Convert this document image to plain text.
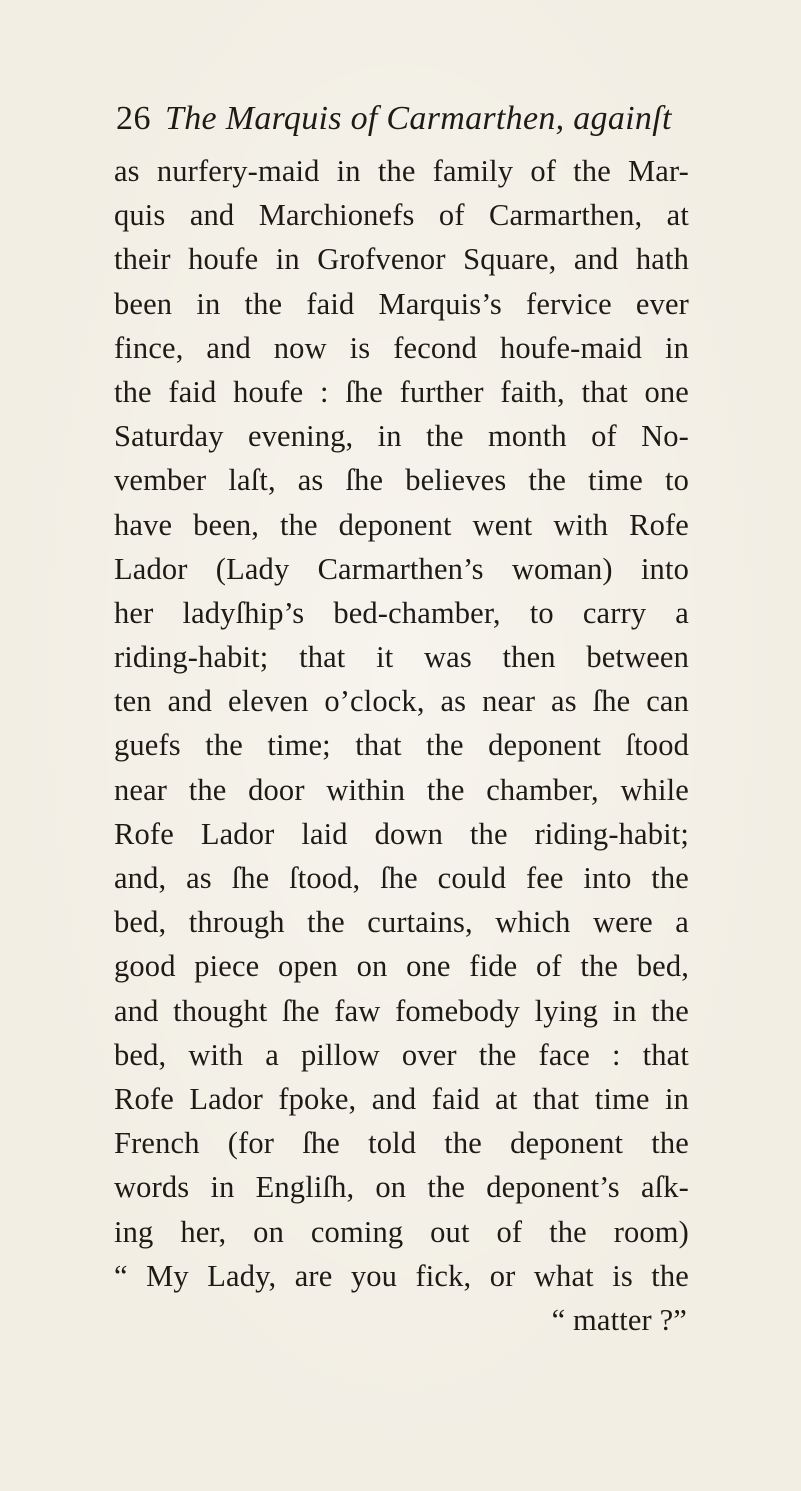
26 The Marquis of Carmarthen, againſt
as nurfery-maid in the family of the Mar-
quis and Marchionefs of Carmarthen, at
their houfe in Grofvenor Square, and hath
been in the faid Marquis’s fervice ever
fince, and now is fecond houfe-maid in
the faid houfe : ſhe further faith, that one
Saturday evening, in the month of No-
vember laſt, as ſhe believes the time to
have been, the deponent went with Rofe
Lador (Lady Carmarthen’s woman) into
her ladyſhip’s bed-chamber, to carry a
riding-habit; that it was then between
ten and eleven o’clock, as near as ſhe can
guefs the time; that the deponent ſtood
near the door within the chamber, while
Rofe Lador laid down the riding-habit;
and, as ſhe ſtood, ſhe could fee into the
bed, through the curtains, which were a
good piece open on one fide of the bed,
and thought ſhe faw fomebody lying in the
bed, with a pillow over the face : that
Rofe Lador fpoke, and faid at that time in
French (for ſhe told the deponent the
words in Engliſh, on the deponent’s aſk-
ing her, on coming out of the room)
“ My Lady, are you fick, or what is the
“ matter ?”
